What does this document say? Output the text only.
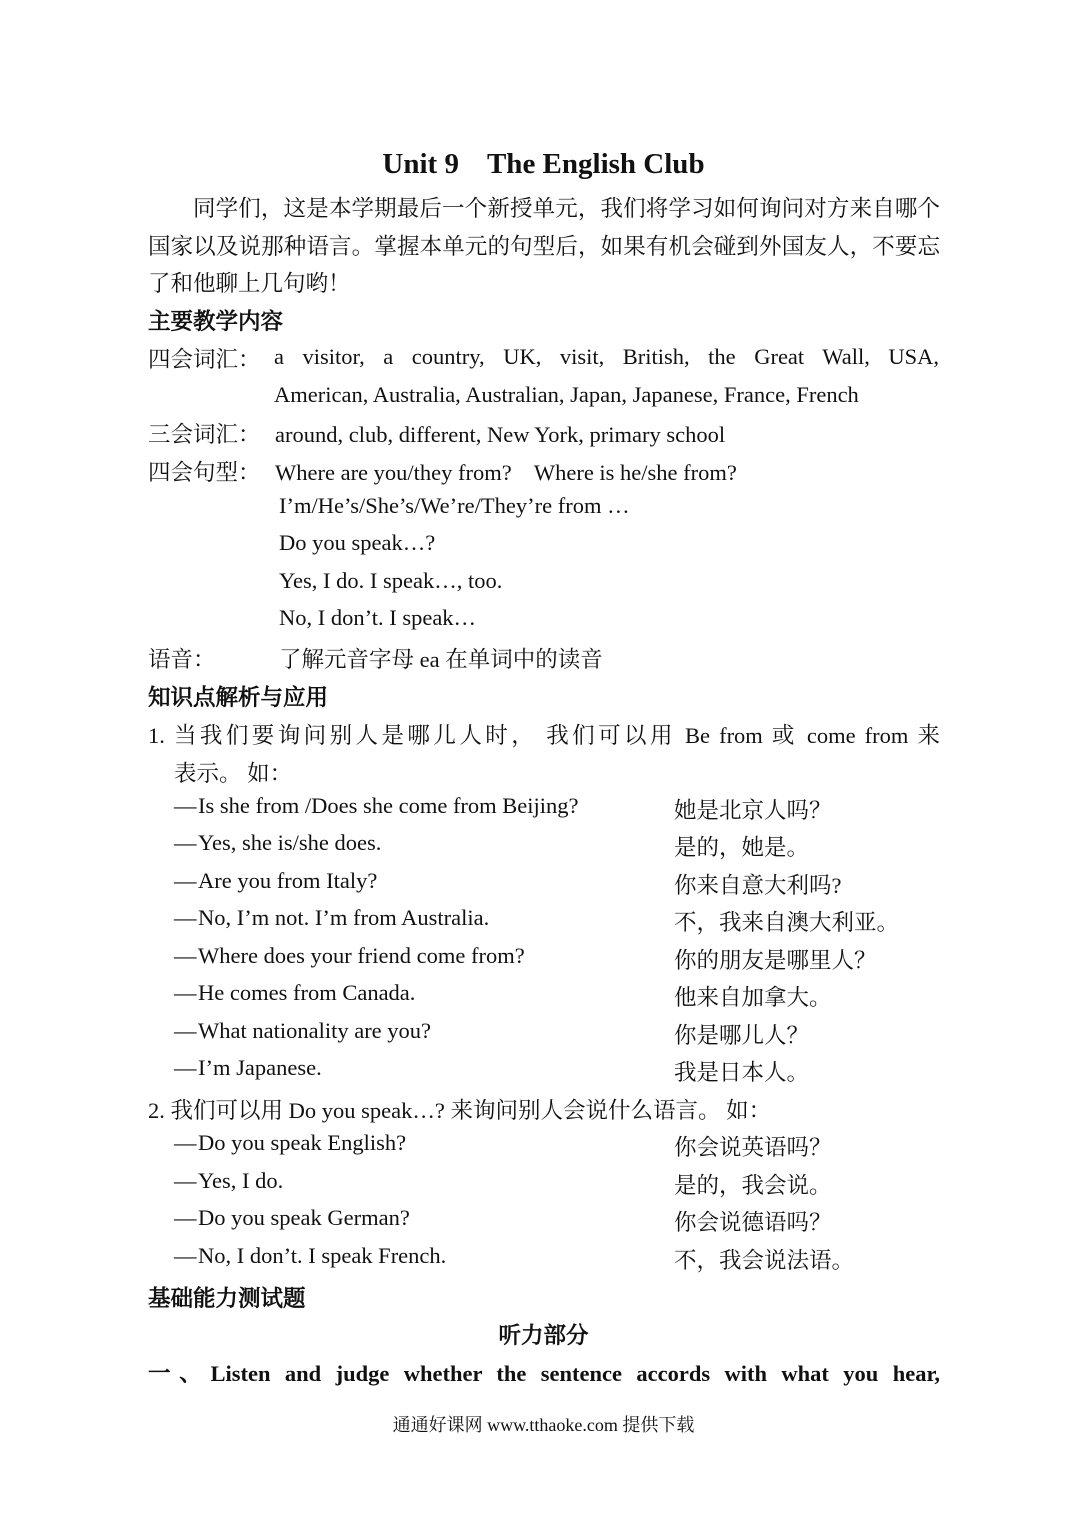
Unit 9 The English Club
同学们，这是本学期最后一个新授单元，我们将学习如何询问对方来自哪个国家以及说那种语言。掌握本单元的句型后，如果有机会碰到外国友人，不要忘了和他聊上几句哟！
主要教学内容
四会词汇： a visitor, a country, UK, visit, British, the Great Wall, USA,
American, Australia, Australian, Japan, Japanese, France, French
三会词汇： around, club, different, New York, primary school
四会句型： Where are you/they from?    Where is he/she from?
I’m/He’s/She’s/We’re/They’re from …
Do you speak…?
Yes, I do. I speak…, too.
No, I don’t. I speak…
语音：	了解元音字母 ea 在单词中的读音
知识点解析与应用
1. 当我们要询问别人是哪儿人时， 我们可以用 Be from 或 come from 来
表示。 如：
—Is she from /Does she come from Beijing?	她是北京人吗？
—Yes, she is/she does.	是的，她是。
—Are you from Italy?	你来自意大利吗?
—No, I’m not. I’m from Australia.	不，我来自澳大利亚。
—Where does your friend come from?	你的朋友是哪里人？
—He comes from Canada.	他来自加拿大。
—What nationality are you?	你是哪儿人？
—I’m Japanese.	我是日本人。
2. 我们可以用 Do you speak…? 来询问别人会说什么语言。 如：
—Do you speak English?	你会说英语吗？
—Yes, I do.	是的，我会说。
—Do you speak German?	你会说德语吗？
—No, I don’t. I speak French.	不，我会说法语。
基础能力测试题
听力部分
一、Listen and judge whether the sentence accords with what you hear,
通通好课网 www.tthaoke.com 提供下载
